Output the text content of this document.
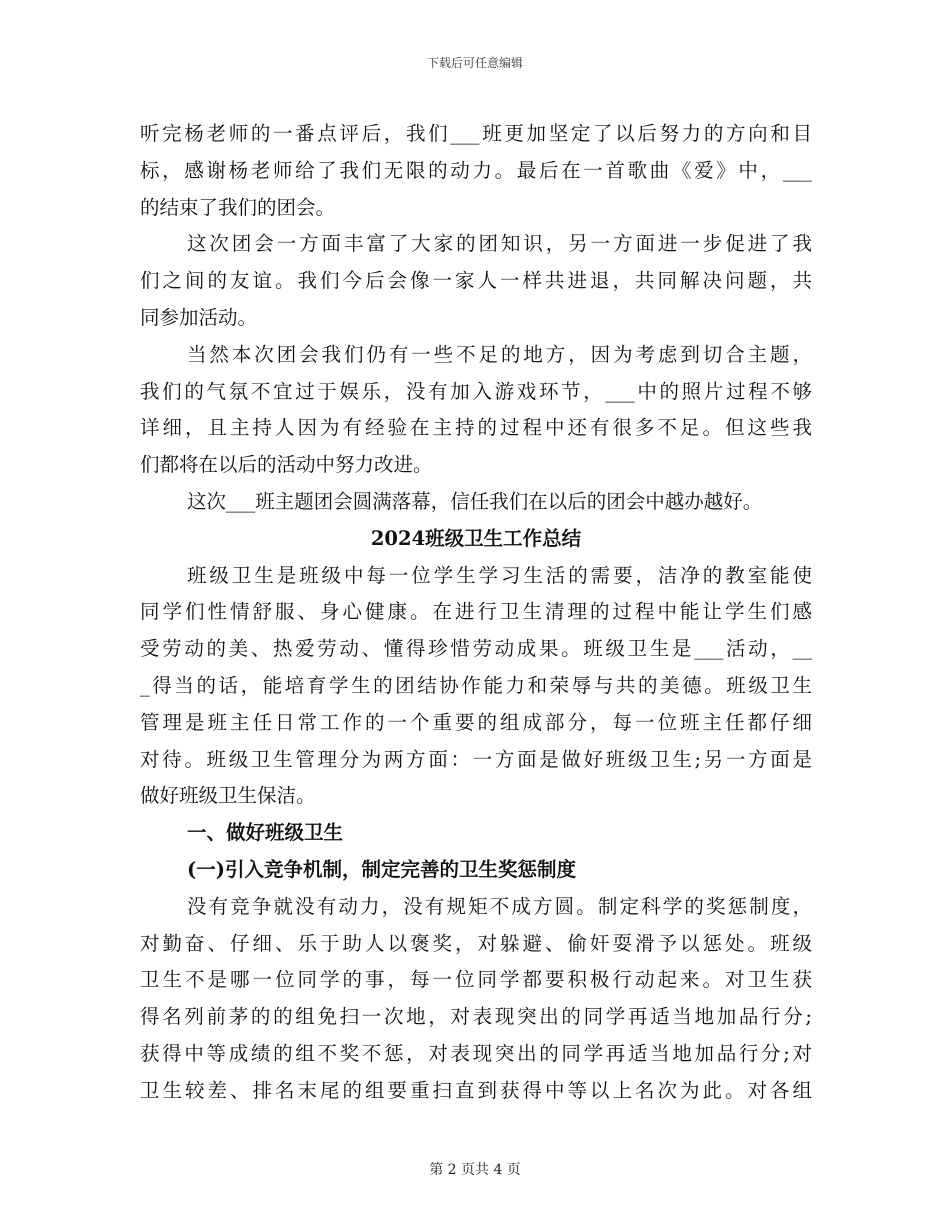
下载后可任意编辑
听完杨老师的一番点评后，我们___班更加坚定了以后努力的方向和目
标，感谢杨老师给了我们无限的动力。最后在一首歌曲《爱》中，___
的结束了我们的团会。
这次团会一方面丰富了大家的团知识，另一方面进一步促进了我
们之间的友谊。我们今后会像一家人一样共进退，共同解决问题，共
同参加活动。
当然本次团会我们仍有一些不足的地方，因为考虑到切合主题，
我们的气氛不宜过于娱乐，没有加入游戏环节，___中的照片过程不够
详细，且主持人因为有经验在主持的过程中还有很多不足。但这些我
们都将在以后的活动中努力改进。
这次___班主题团会圆满落幕，信任我们在以后的团会中越办越好。
2024班级卫生工作总结
班级卫生是班级中每一位学生学习生活的需要，洁净的教室能使
同学们性情舒服、身心健康。在进行卫生清理的过程中能让学生们感
受劳动的美、热爱劳动、懂得珍惜劳动成果。班级卫生是___活动，__
_得当的话，能培育学生的团结协作能力和荣辱与共的美德。班级卫生
管理是班主任日常工作的一个重要的组成部分，每一位班主任都仔细
对待。班级卫生管理分为两方面：一方面是做好班级卫生;另一方面是
做好班级卫生保洁。
一、做好班级卫生
(一)引入竞争机制，制定完善的卫生奖惩制度
没有竞争就没有动力，没有规矩不成方圆。制定科学的奖惩制度，
对勤奋、仔细、乐于助人以褒奖，对躲避、偷奸耍滑予以惩处。班级
卫生不是哪一位同学的事，每一位同学都要积极行动起来。对卫生获
得名列前茅的的组免扫一次地，对表现突出的同学再适当地加品行分;
获得中等成绩的组不奖不惩，对表现突出的同学再适当地加品行分;对
卫生较差、排名末尾的组要重扫直到获得中等以上名次为此。对各组
第 2 页共 4 页
